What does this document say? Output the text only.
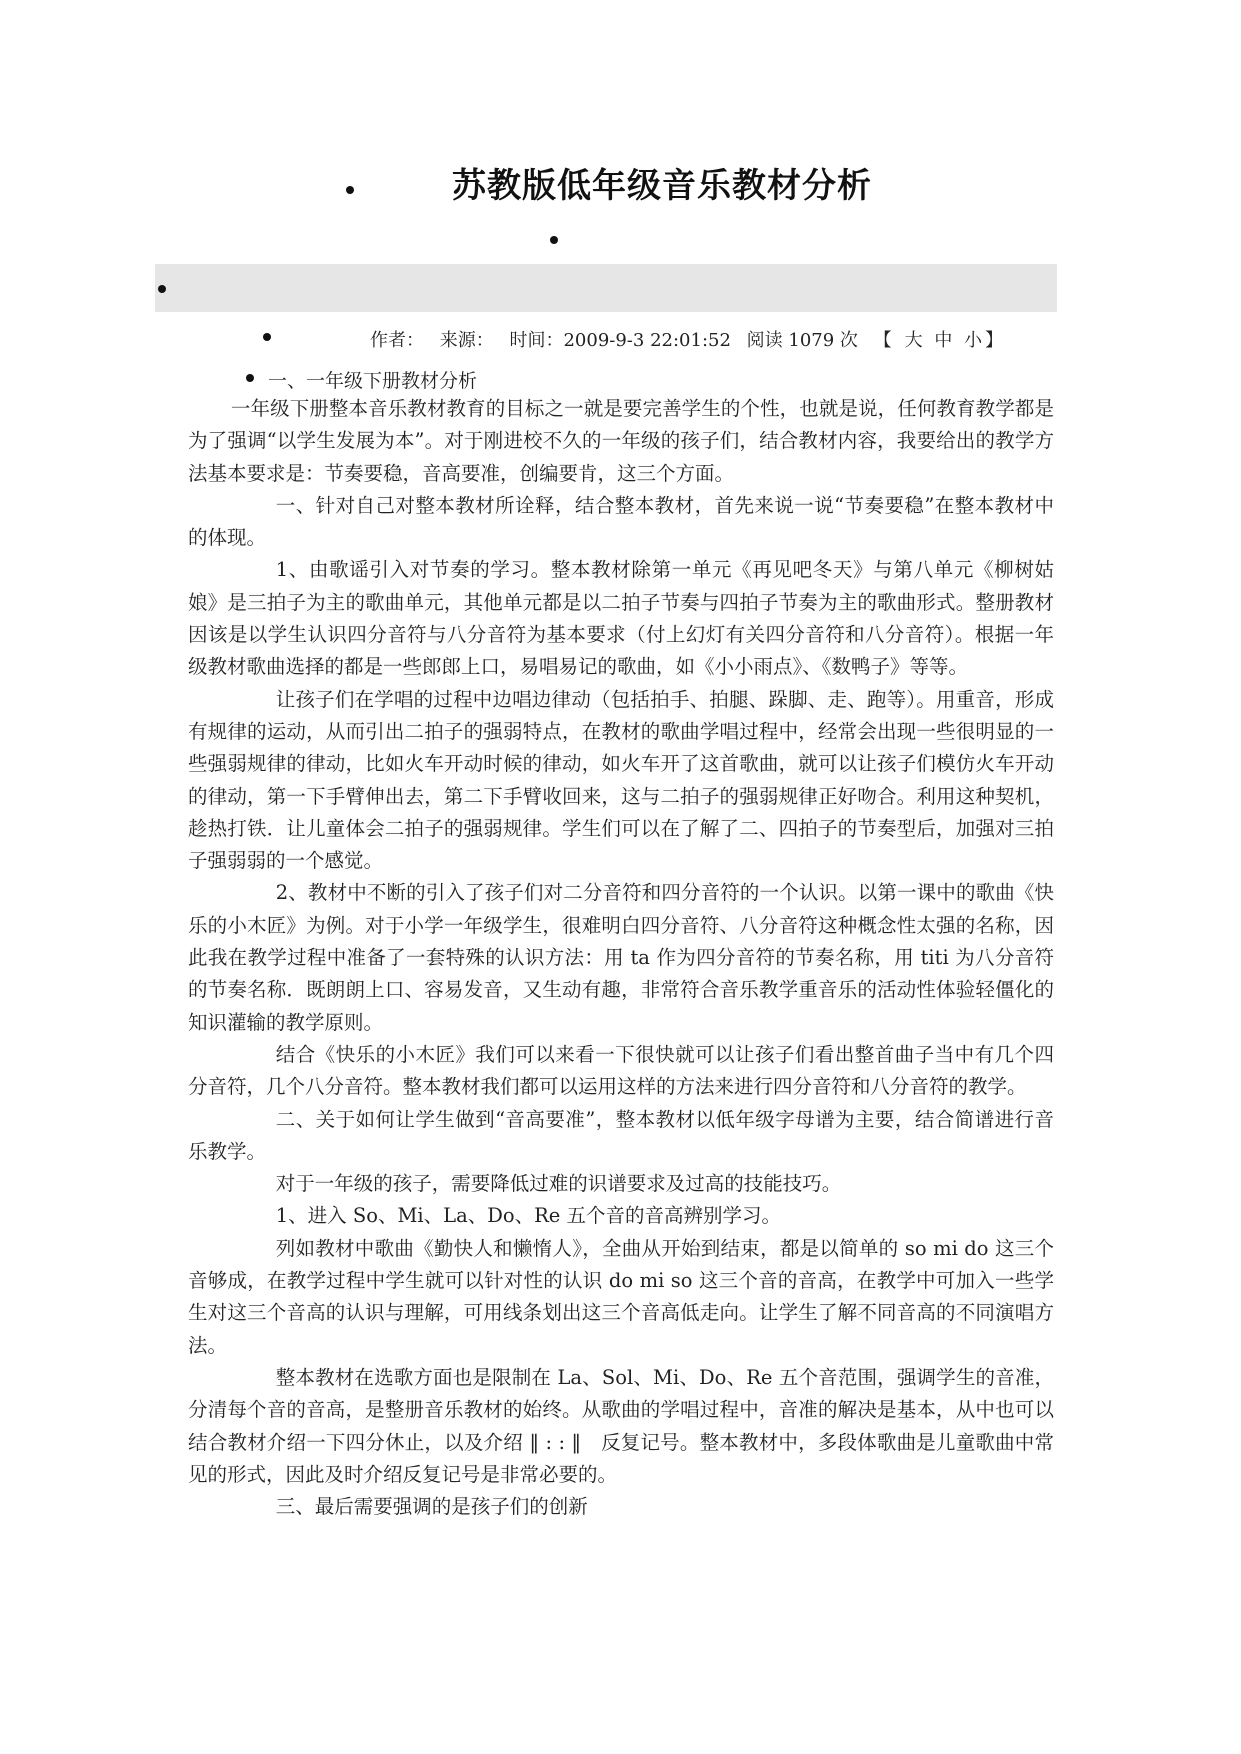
苏教版低年级音乐教材分析
作者： 来源： 时间：2009-9-3 22:01:52 阅读 1079 次 【 大 中 小 】
一、一年级下册教材分析

一年级下册整本音乐教材教育的目标之一就是要完善学生的个性，也就是说，任何教育教学都是为了强调“以学生发展为本”。对于刚进校不久的一年级的孩子们，结合教材内容，我要给出的教学方法基本要求是：节奏要稳，音高要准，创编要肯，这三个方面。

一、针对自己对整本教材所诠释，结合整本教材，首先来说一说“节奏要稳”在整本教材中的体现。

1、由歌谣引入对节奏的学习。整本教材除第一单元《再见吧冬天》与第八单元《柳树姑娘》是三拍子为主的歌曲单元，其他单元都是以二拍子节奏与四拍子节奏为主的歌曲形式。整册教材因该是以学生认识四分音符与八分音符为基本要求（付上幻灯有关四分音符和八分音符）。根据一年级教材歌曲选择的都是一些郎郎上口，易唱易记的歌曲，如《小小雨点》、《数鸭子》等等。

让孩子们在学唱的过程中边唱边律动（包括拍手、拍腿、跺脚、走、跑等）。用重音，形成有规律的运动，从而引出二拍子的强弱特点，在教材的歌曲学唱过程中，经常会出现一些很明显的一些强弱规律的律动，比如火车开动时候的律动，如火车开了这首歌曲，就可以让孩子们模仿火车开动的律动，第一下手臂伸出去，第二下手臂收回来，这与二拍子的强弱规律正好吻合。利用这种契机，趁热打铁．让儿童体会二拍子的强弱规律。学生们可以在了解了二、四拍子的节奏型后，加强对三拍子强弱弱的一个感觉。

2、教材中不断的引入了孩子们对二分音符和四分音符的一个认识。以第一课中的歌曲《快乐的小木匠》为例。对于小学一年级学生，很难明白四分音符、八分音符这种概念性太强的名称，因此我在教学过程中准备了一套特殊的认识方法：用 ta 作为四分音符的节奏名称，用 titi 为八分音符的节奏名称．既朗朗上口、容易发音，又生动有趣，非常符合音乐教学重音乐的活动性体验轻僵化的知识灌输的教学原则。

结合《快乐的小木匠》我们可以来看一下很快就可以让孩子们看出整首曲子当中有几个四分音符，几个八分音符。整本教材我们都可以运用这样的方法来进行四分音符和八分音符的教学。

二、关于如何让学生做到“音高要准”，整本教材以低年级字母谱为主要，结合简谱进行音乐教学。

对于一年级的孩子，需要降低过难的识谱要求及过高的技能技巧。

1、进入 So、Mi、La、Do、Re 五个音的音高辨别学习。

列如教材中歌曲《勤快人和懒惰人》，全曲从开始到结束，都是以简单的 so mi do 这三个音够成，在教学过程中学生就可以针对性的认识 do mi so 这三个音的音高，在教学中可加入一些学生对这三个音高的认识与理解，可用线条划出这三个音高低走向。让学生了解不同音高的不同演唱方法。

整本教材在选歌方面也是限制在 La、Sol、Mi、Do、Re 五个音范围，强调学生的音准，分清每个音的音高，是整册音乐教材的始终。从歌曲的学唱过程中，音准的解决是基本，从中也可以结合教材介绍一下四分休止，以及介绍 ‖ : : ‖　反复记号。整本教材中，多段体歌曲是儿童歌曲中常见的形式，因此及时介绍反复记号是非常必要的。

三、最后需要强调的是孩子们的创新
